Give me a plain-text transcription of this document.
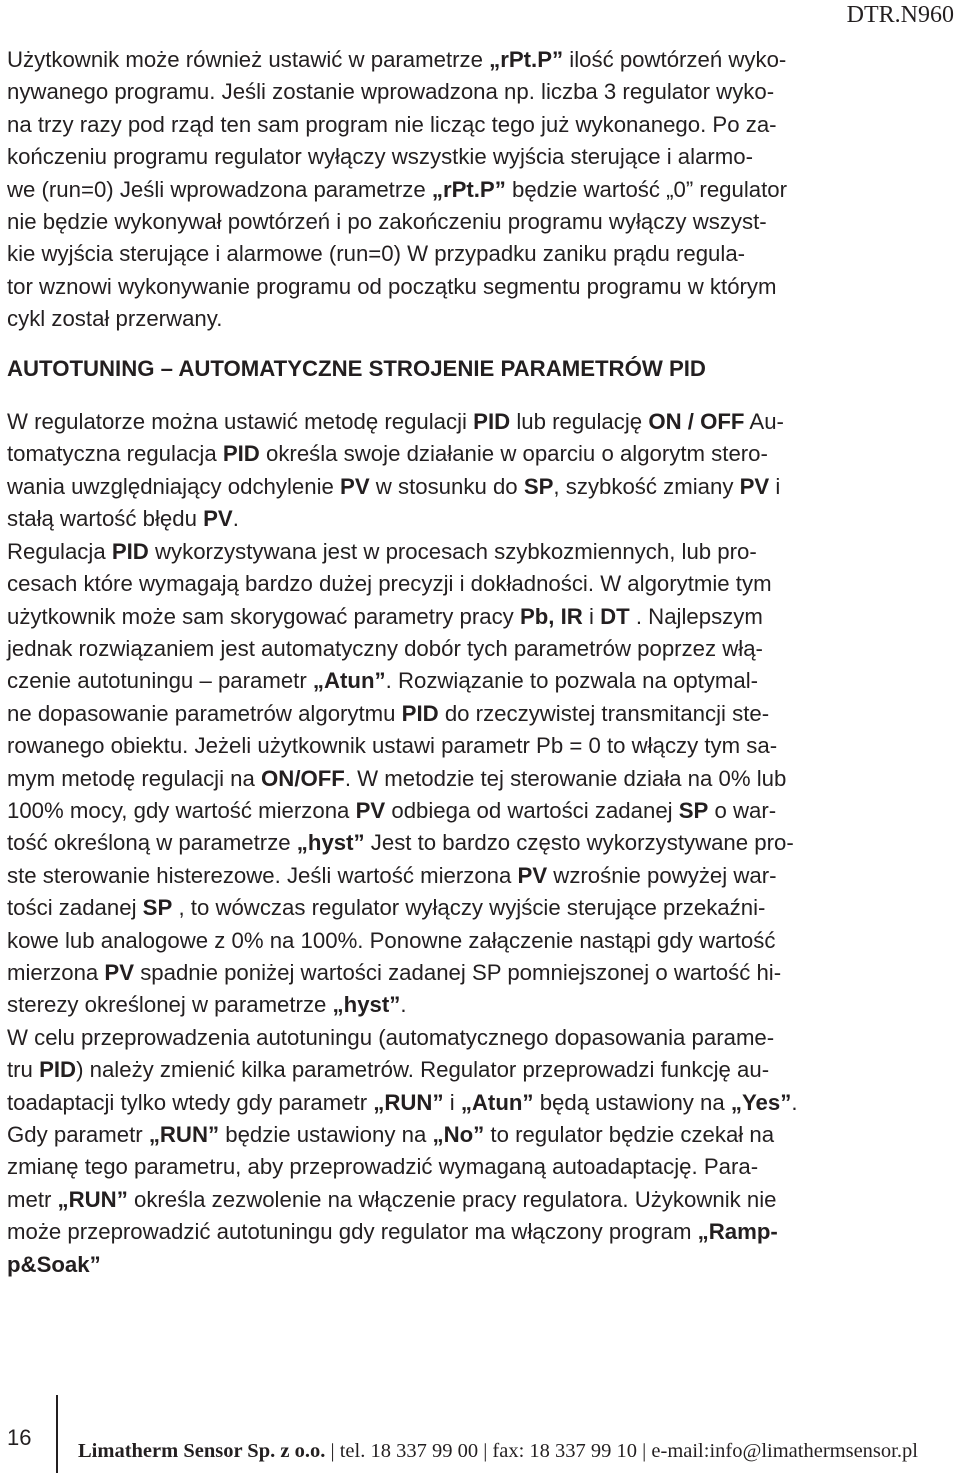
DTR.N960
Użytkownik może również ustawić w parametrze „rPt.P” ilość powtórzeń wyko-
nywanego programu. Jeśli zostanie wprowadzona np. liczba 3 regulator wyko-
na trzy razy pod rząd ten sam program nie licząc tego już wykonanego. Po za-
kończeniu programu regulator wyłączy wszystkie wyjścia sterujące i alarmo-
we (run=0) Jeśli wprowadzona parametrze „rPt.P” będzie wartość „0” regulator
nie będzie wykonywał powtórzeń i po zakończeniu programu wyłączy wszyst-
kie wyjścia sterujące i alarmowe (run=0) W przypadku zaniku prądu regula-
tor wznowi wykonywanie programu od początku segmentu programu w którym
cykl został przerwany.
AUTOTUNING – AUTOMATYCZNE STROJENIE PARAMETRÓW PID
W regulatorze można ustawić metodę regulacji PID lub regulację ON / OFF Au-
tomatyczna regulacja PID określa swoje działanie w oparciu o algorytm stero-
wania uwzględniający odchylenie PV w stosunku do SP, szybkość zmiany PV i
stałą wartość błędu PV.
Regulacja PID wykorzystywana jest w procesach szybkozmiennych, lub pro-
cesach które wymagają bardzo dużej precyzji i dokładności. W algorytmie tym
użytkownik może sam skorygować parametry pracy Pb, IR i DT . Najlepszym
jednak rozwiązaniem jest automatyczny dobór tych parametrów poprzez włą-
czenie autotuningu – parametr „Atun”. Rozwiązanie to pozwala na optymal-
ne dopasowanie parametrów algorytmu PID do rzeczywistej transmitancji ste-
rowanego obiektu. Jeżeli użytkownik ustawi parametr Pb = 0 to włączy tym sa-
mym metodę regulacji na ON/OFF. W metodzie tej sterowanie działa na 0% lub
100% mocy, gdy wartość mierzona PV odbiega od wartości zadanej SP o war-
tość określoną w parametrze „hyst” Jest to bardzo często wykorzystywane pro-
ste sterowanie histerezowe. Jeśli wartość mierzona PV wzrośnie powyżej war-
tości zadanej SP , to wówczas regulator wyłączy wyjście sterujące przekaźni-
kowe lub analogowe z 0% na 100%. Ponowne załączenie nastąpi gdy wartość
mierzona PV spadnie poniżej wartości zadanej SP pomniejszonej o wartość hi-
sterezy określonej w parametrze „hyst”.
W celu przeprowadzenia autotuningu (automatycznego dopasowania parame-
tru PID) należy zmienić kilka parametrów. Regulator przeprowadzi funkcję au-
toadaptacji tylko wtedy gdy parametr „RUN” i „Atun” będą ustawiony na „Yes”.
Gdy parametr „RUN” będzie ustawiony na „No” to regulator będzie czekał na
zmianę tego parametru, aby przeprowadzić wymaganą autoadaptację. Para-
metr „RUN” określa zezwolenie na włączenie pracy regulatora. Użykownik nie
może przeprowadzić autotuningu gdy regulator ma włączony program „Ramp-
p&Soak”
16
Limatherm Sensor Sp. z o.o. | tel. 18 337 99 00 | fax: 18 337 99 10 | e-mail:info@limathermsensor.pl
